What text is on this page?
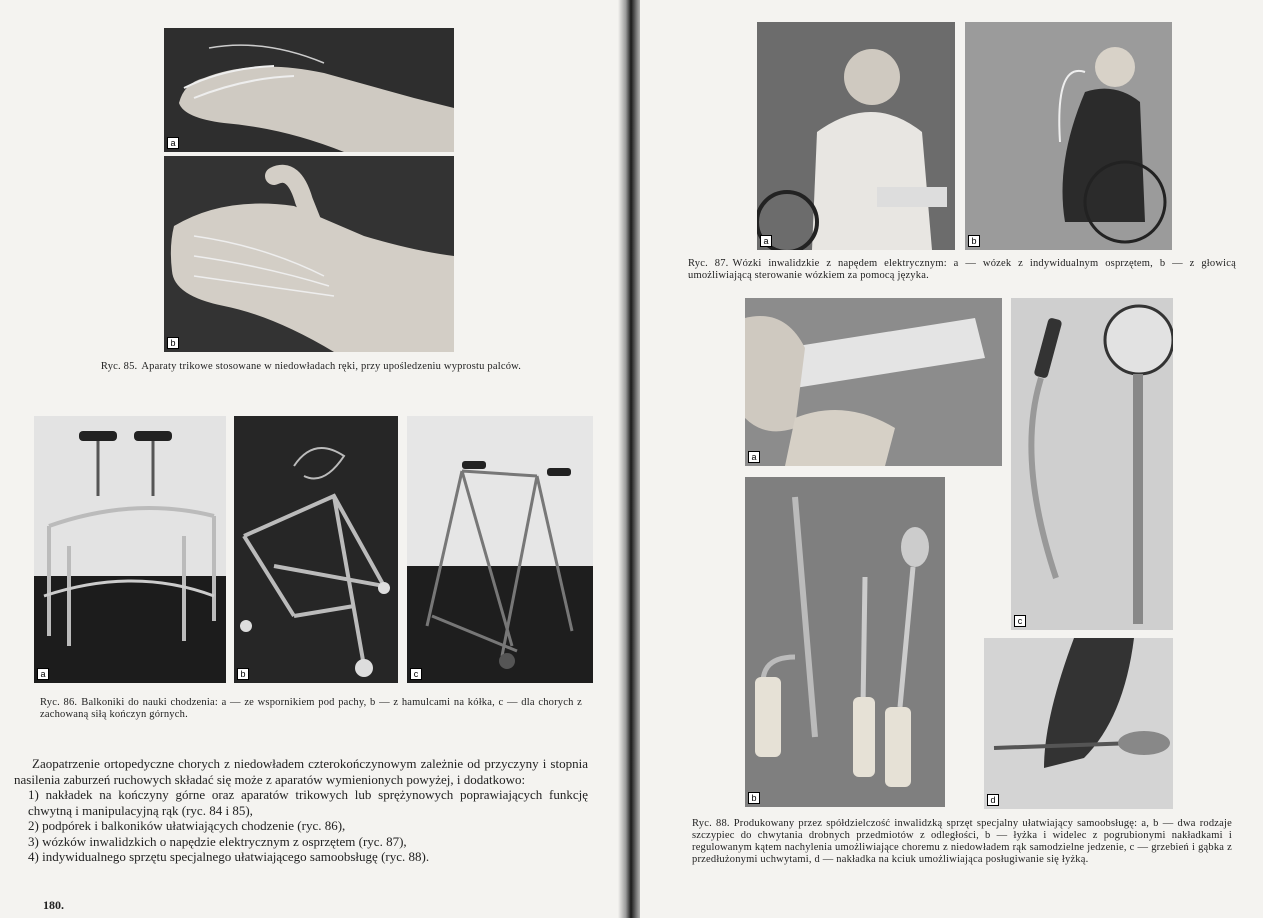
a
b
Ryc. 85. Aparaty trikowe stosowane w niedowładach ręki, przy upośledzeniu wyprostu palców.
a	b	c
Ryc. 86. Balkoniki do nauki chodzenia: a — ze wspornikiem pod pachy, b — z hamulcami na kółka, c — dla chorych z zachowaną siłą kończyn górnych.

Zaopatrzenie ortopedyczne chorych z niedowładem czterokończynowym zależnie od przyczyny i stopnia nasilenia zaburzeń ruchowych składać się może z aparatów wymienionych powyżej, i dodatkowo:

1) nakładek na kończyny górne oraz aparatów trikowych lub sprężynowych poprawiających funkcję chwytną i manipulacyjną rąk (ryc. 84 i 85),

2) podpórek i balkoników ułatwiających chodzenie (ryc. 86),

3) wózków inwalidzkich o napędzie elektrycznym z osprzętem (ryc. 87),

4) indywidualnego sprzętu specjalnego ułatwiającego samoobsługę (ryc. 88).

180.
a	b
Ryc. 87. Wózki inwalidzkie z napędem elektrycznym: a — wózek z indywidualnym osprzętem, b — z głowicą umożliwiającą sterowanie wózkiem za pomocą języka.
a
c
b	d
Ryc. 88. Produkowany przez spółdzielczość inwalidzką sprzęt specjalny ułatwiający samoobsługę: a, b — dwa rodzaje szczypiec do chwytania drobnych przedmiotów z odległości, b — łyżka i widelec z pogrubionymi nakładkami i regulowanym kątem nachylenia umożliwiające choremu z niedowładem rąk samodzielne jedzenie, c — grzebień i gąbka z przedłużonymi uchwytami, d — nakładka na kciuk umożliwiająca posługiwanie się łyżką.
